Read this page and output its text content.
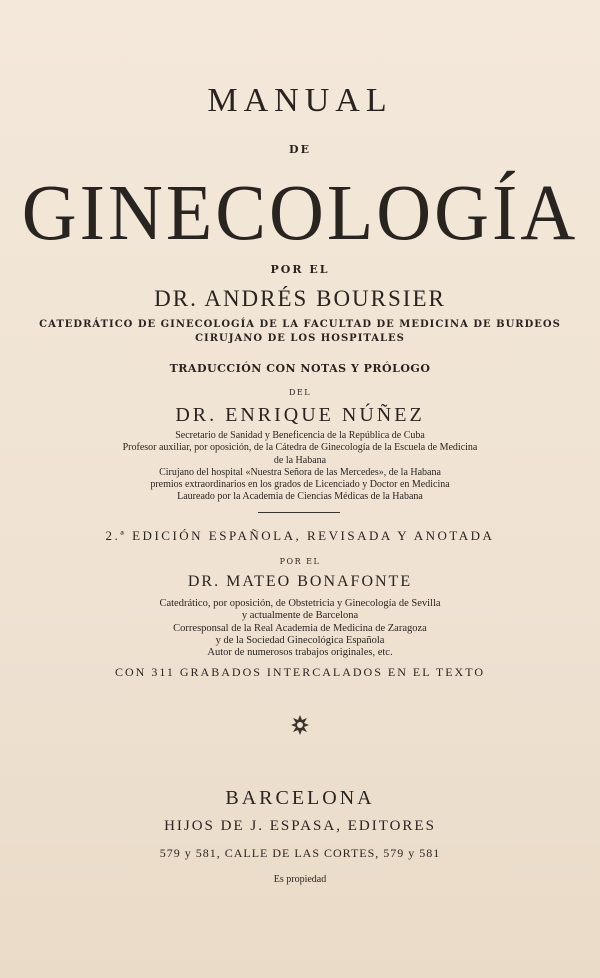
MANUAL
DE
GINECOLOGÍA
POR EL
DR. ANDRÉS BOURSIER
CATEDRÁTICO DE GINECOLOGÍA DE LA FACULTAD DE MEDICINA DE BURDEOS
CIRUJANO DE LOS HOSPITALES
TRADUCCIÓN CON NOTAS Y PRÓLOGO
DEL
DR. ENRIQUE NÚÑEZ
Secretario de Sanidad y Beneficencia de la República de Cuba
Profesor auxiliar, por oposición, de la Cátedra de Ginecología de la Escuela de Medicina
de la Habana
Cirujano del hospital «Nuestra Señora de las Mercedes», de la Habana
premios extraordinarios en los grados de Licenciado y Doctor en Medicina
Laureado por la Academia de Ciencias Médicas de la Habana
2.ª EDICIÓN ESPAÑOLA, REVISADA Y ANOTADA
POR EL
DR. MATEO BONAFONTE
Catedrático, por oposición, de Obstetricia y Ginecología de Sevilla
y actualmente de Barcelona
Corresponsal de la Real Academia de Medicina de Zaragoza
y de la Sociedad Ginecológica Española
Autor de numerosos trabajos originales, etc.
CON 311 GRABADOS INTERCALADOS EN EL TEXTO
BARCELONA
HIJOS DE J. ESPASA, EDITORES
579 y 581, CALLE DE LAS CORTES, 579 y 581
Es propiedad
